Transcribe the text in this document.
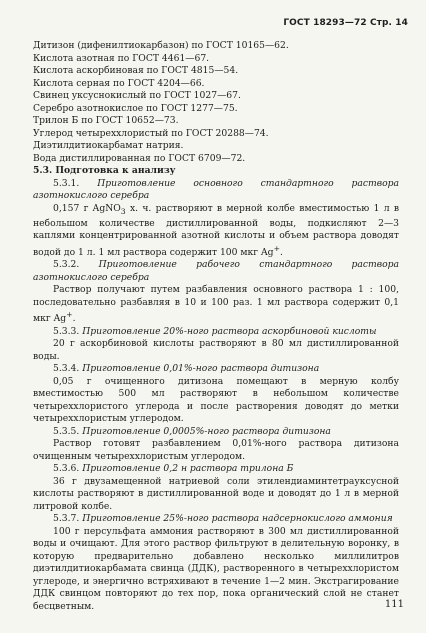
ГОСТ 18293—72 Стр. 14

Дитизон (дифенилтиокарбазон) по ГОСТ 10165—62.

Кислота азотная по ГОСТ 4461—67.

Кислота аскорбиновая по ГОСТ 4815—54.

Кислота серная по ГОСТ 4204—66.

Свинец уксуснокислый по ГОСТ 1027—67.

Серебро азотнокислое по ГОСТ 1277—75.

Трилон Б по ГОСТ 10652—73.

Углерод четыреххлористый по ГОСТ 20288—74.

Диэтилдитиокарбамат натрия.

Вода дистиллированная по ГОСТ 6709—72.

5.3. Подготовка к анализу

5.3.1. Приготовление основного стандартного раствора азотнокислого серебра

0,157 г AgNO$_3$ х. ч. растворяют в мерной колбе вместимостью 1 л в небольшом количестве дистиллированной воды, подкисляют 2—3 каплями концентрированной азотной кислоты и объем раствора доводят водой до 1 л. 1 мл раствора содержит 100 мкг Ag+.

5.3.2. Приготовление рабочего стандартного раствора азотнокислого серебра

Раствор получают путем разбавления основного раствора 1 : 100, последовательно разбавляя в 10 и 100 раз. 1 мл раствора содержит 0,1 мкг Ag+.

5.3.3. Приготовление 20%-ного раствора аскорбиновой кислоты

20 г аскорбиновой кислоты растворяют в 80 мл дистиллированной воды.

5.3.4. Приготовление 0,01%-ного раствора дитизона

0,05 г очищенного дитизона помещают в мерную колбу вместимостью 500 мл растворяют в небольшом количестве четыреххлористого углерода и после растворения доводят до метки четыреххлористым углеродом.

5.3.5. Приготовление 0,0005%-ного раствора дитизона

Раствор готовят разбавлением 0,01%-ного раствора дитизона очищенным четыреххлористым углеродом.

5.3.6. Приготовление 0,2 н раствора трилона Б

36 г двузамещенной натриевой соли этилендиаминтетрауксусной кислоты растворяют в дистиллированной воде и доводят до 1 л в мерной литровой колбе.

5.3.7. Приготовление 25%-ного раствора надсернокислого аммония

100 г персульфата аммония растворяют в 300 мл дистиллированной воды и очищают. Для этого раствор фильтруют в делительную воронку, в которую предварительно добавлено несколько миллилитров диэтилдитиокарбамата свинца (ДДК), растворенного в четыреххлористом углероде, и энергично встряхивают в течение 1—2 мин. Экстрагирование ДДК свинцом повторяют до тех пор, пока органический слой не станет бесцветным.	111
